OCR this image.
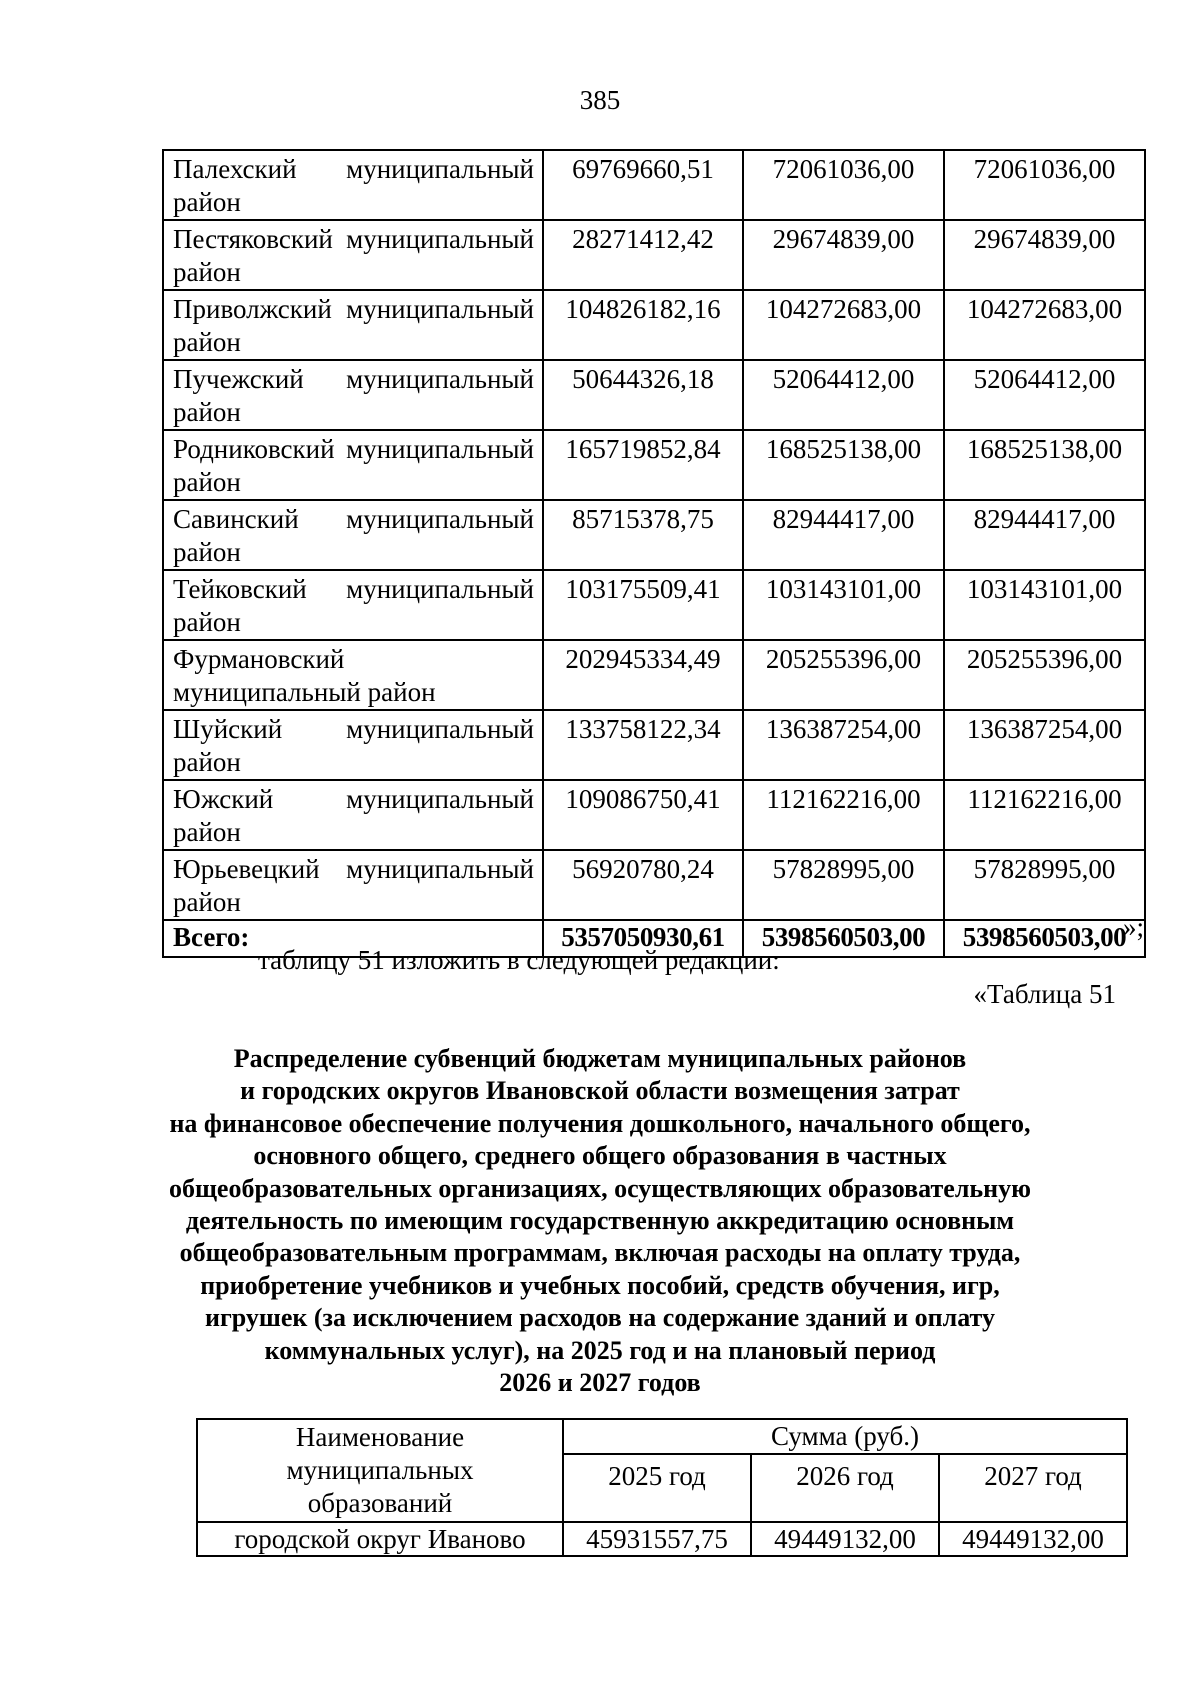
385
Палехский муниципальный район	69769660,51	72061036,00	72061036,00
Пестяковский муниципальный район	28271412,42	29674839,00	29674839,00
Приволжский муниципальный район	104826182,16	104272683,00	104272683,00
Пучежский муниципальный район	50644326,18	52064412,00	52064412,00
Родниковский муниципальный район	165719852,84	168525138,00	168525138,00
Савинский муниципальный район	85715378,75	82944417,00	82944417,00
Тейковский муниципальный район	103175509,41	103143101,00	103143101,00
Фурмановский муниципальный район	202945334,49	205255396,00	205255396,00
Шуйский муниципальный район	133758122,34	136387254,00	136387254,00
Южский муниципальный район	109086750,41	112162216,00	112162216,00
Юрьевецкий муниципальный район	56920780,24	57828995,00	57828995,00
Всего:	5357050930,61	5398560503,00	5398560503,00
»;
таблицу 51 изложить в следующей редакции:
«Таблица 51
Распределение субвенций бюджетам муниципальных районов
и городских округов Ивановской области возмещения затрат
на финансовое обеспечение получения дошкольного, начального общего,
основного общего, среднего общего образования в частных
общеобразовательных организациях, осуществляющих образовательную
деятельность по имеющим государственную аккредитацию основным
общеобразовательным программам, включая расходы на оплату труда,
приобретение учебников и учебных пособий, средств обучения, игр,
игрушек (за исключением расходов на содержание зданий и оплату
коммунальных услуг), на 2025 год и на плановый период
2026 и 2027 годов
Наименование
муниципальных
образований	Сумма (руб.)		
	2025 год	2026 год	2027 год
городской округ Иваново	45931557,75	49449132,00	49449132,00
